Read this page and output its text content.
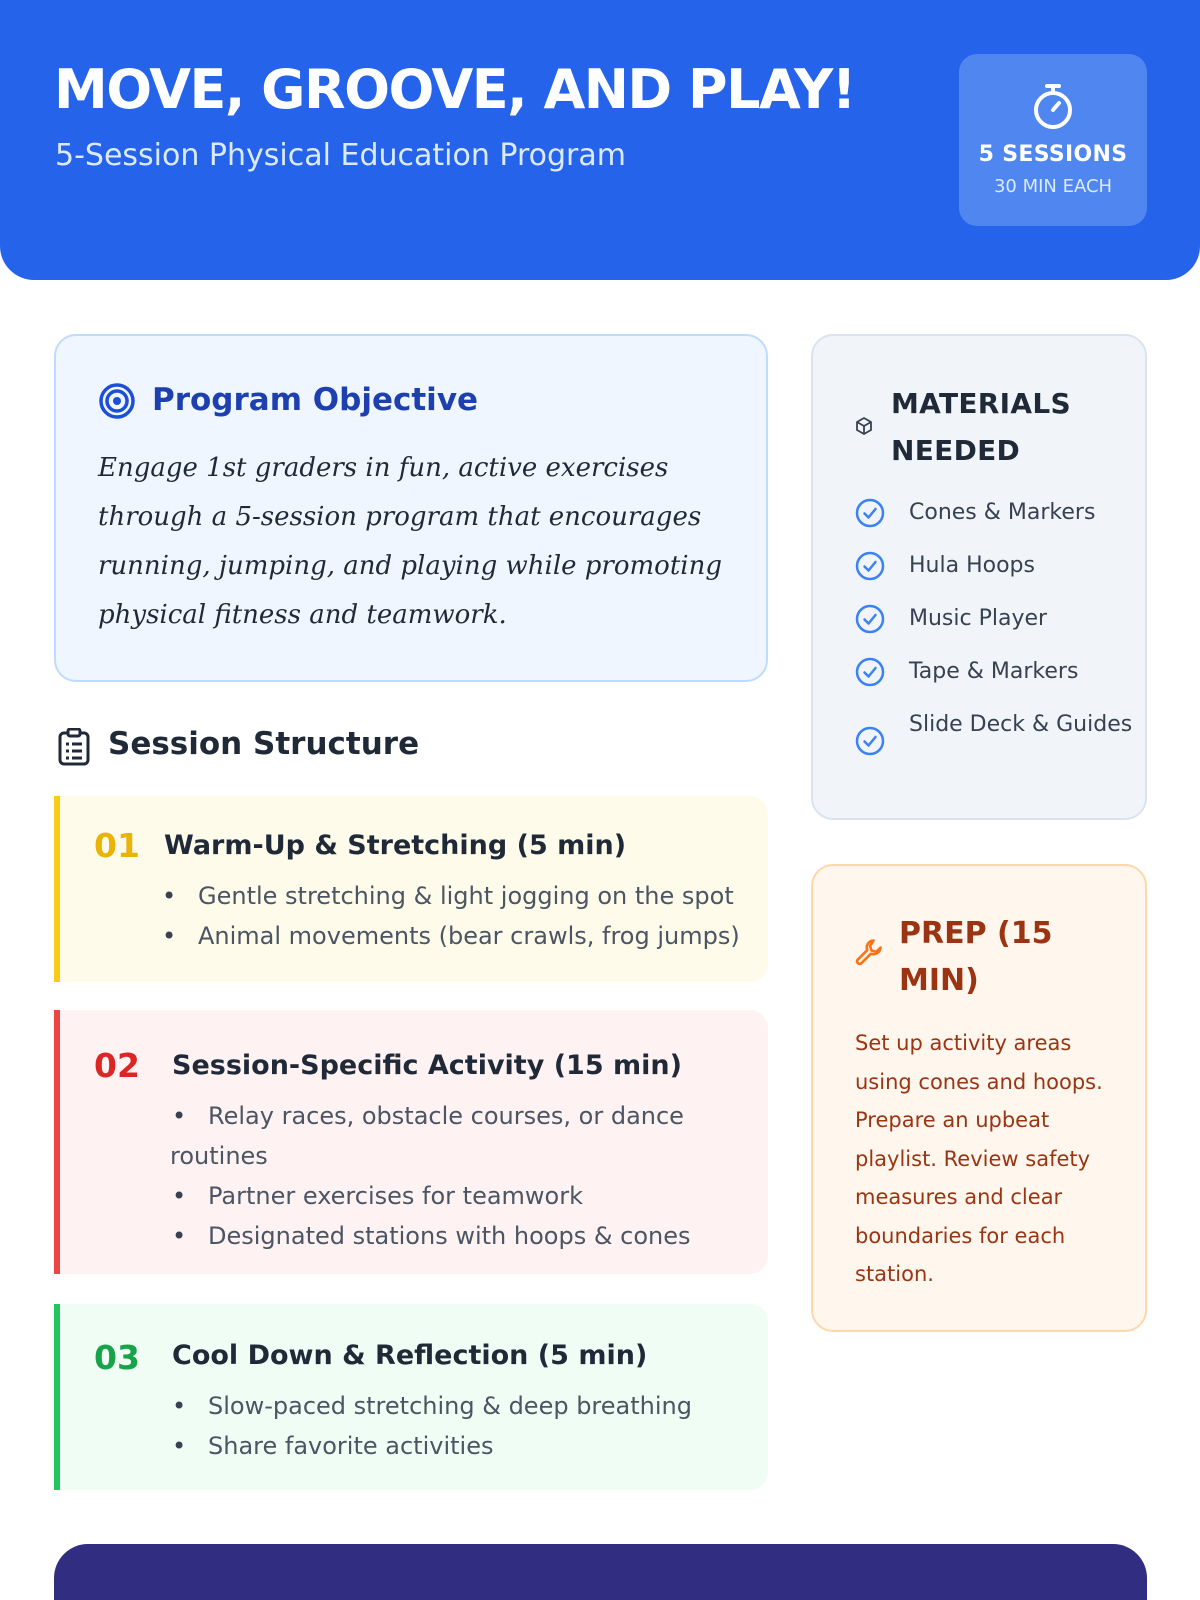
MOVE, GROOVE, AND PLAY!
5-Session Physical Education Program	5 SESSIONS
30 MIN EACH
Program Objective
Engage 1st graders in fun, active exercises through a 5-session program that encourages running, jumping, and playing while promoting physical fitness and teamwork.
Session Structure
01 Warm-Up & Stretching (5 min)
• Gentle stretching & light jogging on the spot
• Animal movements (bear crawls, frog jumps)
02 Session-Specific Activity (15 min)
• Relay races, obstacle courses, or dance routines
• Partner exercises for teamwork
• Designated stations with hoops & cones
03 Cool Down & Reflection (5 min)
• Slow-paced stretching & deep breathing
• Share favorite activities
MATERIALS NEEDED
Cones & Markers
Hula Hoops
Music Player
Tape & Markers
Slide Deck & Guides
PREP (15 MIN)
Set up activity areas using cones and hoops. Prepare an upbeat playlist. Review safety measures and clear boundaries for each station.
